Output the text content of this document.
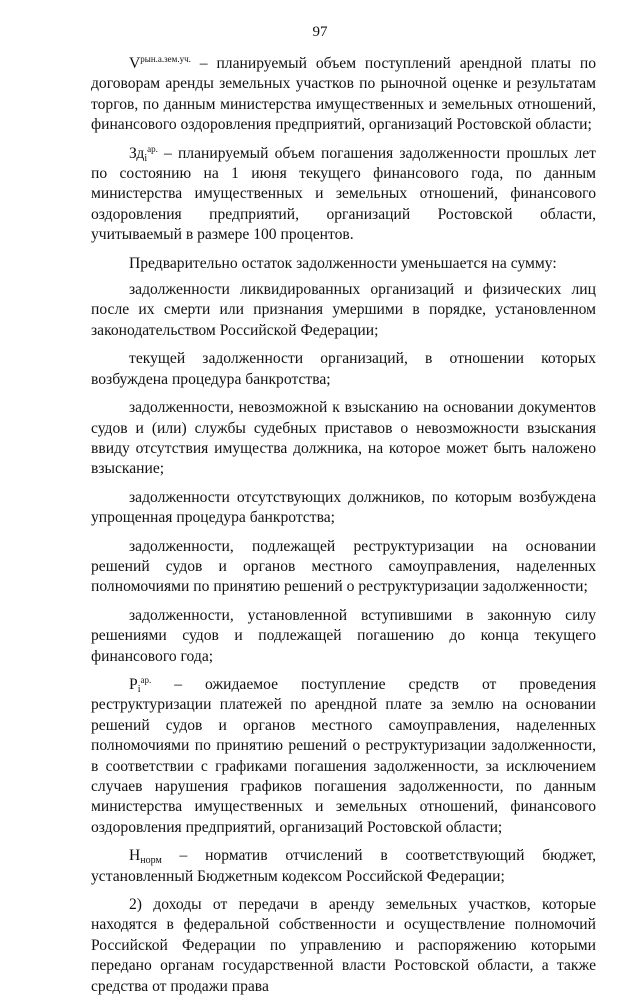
97

$V^{рын.а.зем.уч.}$ – планируемый объем поступлений арендной платы по договорам аренды земельных участков по рыночной оценке и результатам торгов, по данным министерства имущественных и земельных отношений, финансового оздоровления предприятий, организаций Ростовской области;

$Зд_i^{ар.}$ – планируемый объем погашения задолженности прошлых лет по состоянию на 1 июня текущего финансового года, по данным министерства имущественных и земельных отношений, финансового оздоровления предприятий, организаций Ростовской области, учитываемый в размере 100 процентов.

Предварительно остаток задолженности уменьшается на сумму:

задолженности ликвидированных организаций и физических лиц после их смерти или признания умершими в порядке, установленном законодательством Российской Федерации;

текущей задолженности организаций, в отношении которых возбуждена процедура банкротства;

задолженности, невозможной к взысканию на основании документов судов и (или) службы судебных приставов о невозможности взыскания ввиду отсутствия имущества должника, на которое может быть наложено взыскание;

задолженности отсутствующих должников, по которым возбуждена упрощенная процедура банкротства;

задолженности, подлежащей реструктуризации на основании решений судов и органов местного самоуправления, наделенных полномочиями по принятию решений о реструктуризации задолженности;

задолженности, установленной вступившими в законную силу решениями судов и подлежащей погашению до конца текущего финансового года;

$P_i^{ар.}$ – ожидаемое поступление средств от проведения реструктуризации платежей по арендной плате за землю на основании решений судов и органов местного самоуправления, наделенных полномочиями по принятию решений о реструктуризации задолженности, в соответствии с графиками погашения задолженности, за исключением случаев нарушения графиков погашения задолженности, по данным министерства имущественных и земельных отношений, финансового оздоровления предприятий, организаций Ростовской области;

$Н_{норм}$ – норматив отчислений в соответствующий бюджет, установленный Бюджетным кодексом Российской Федерации;

2) доходы от передачи в аренду земельных участков, которые находятся в федеральной собственности и осуществление полномочий Российской Федерации по управлению и распоряжению которыми передано органам государственной власти Ростовской области, а также средства от продажи права
